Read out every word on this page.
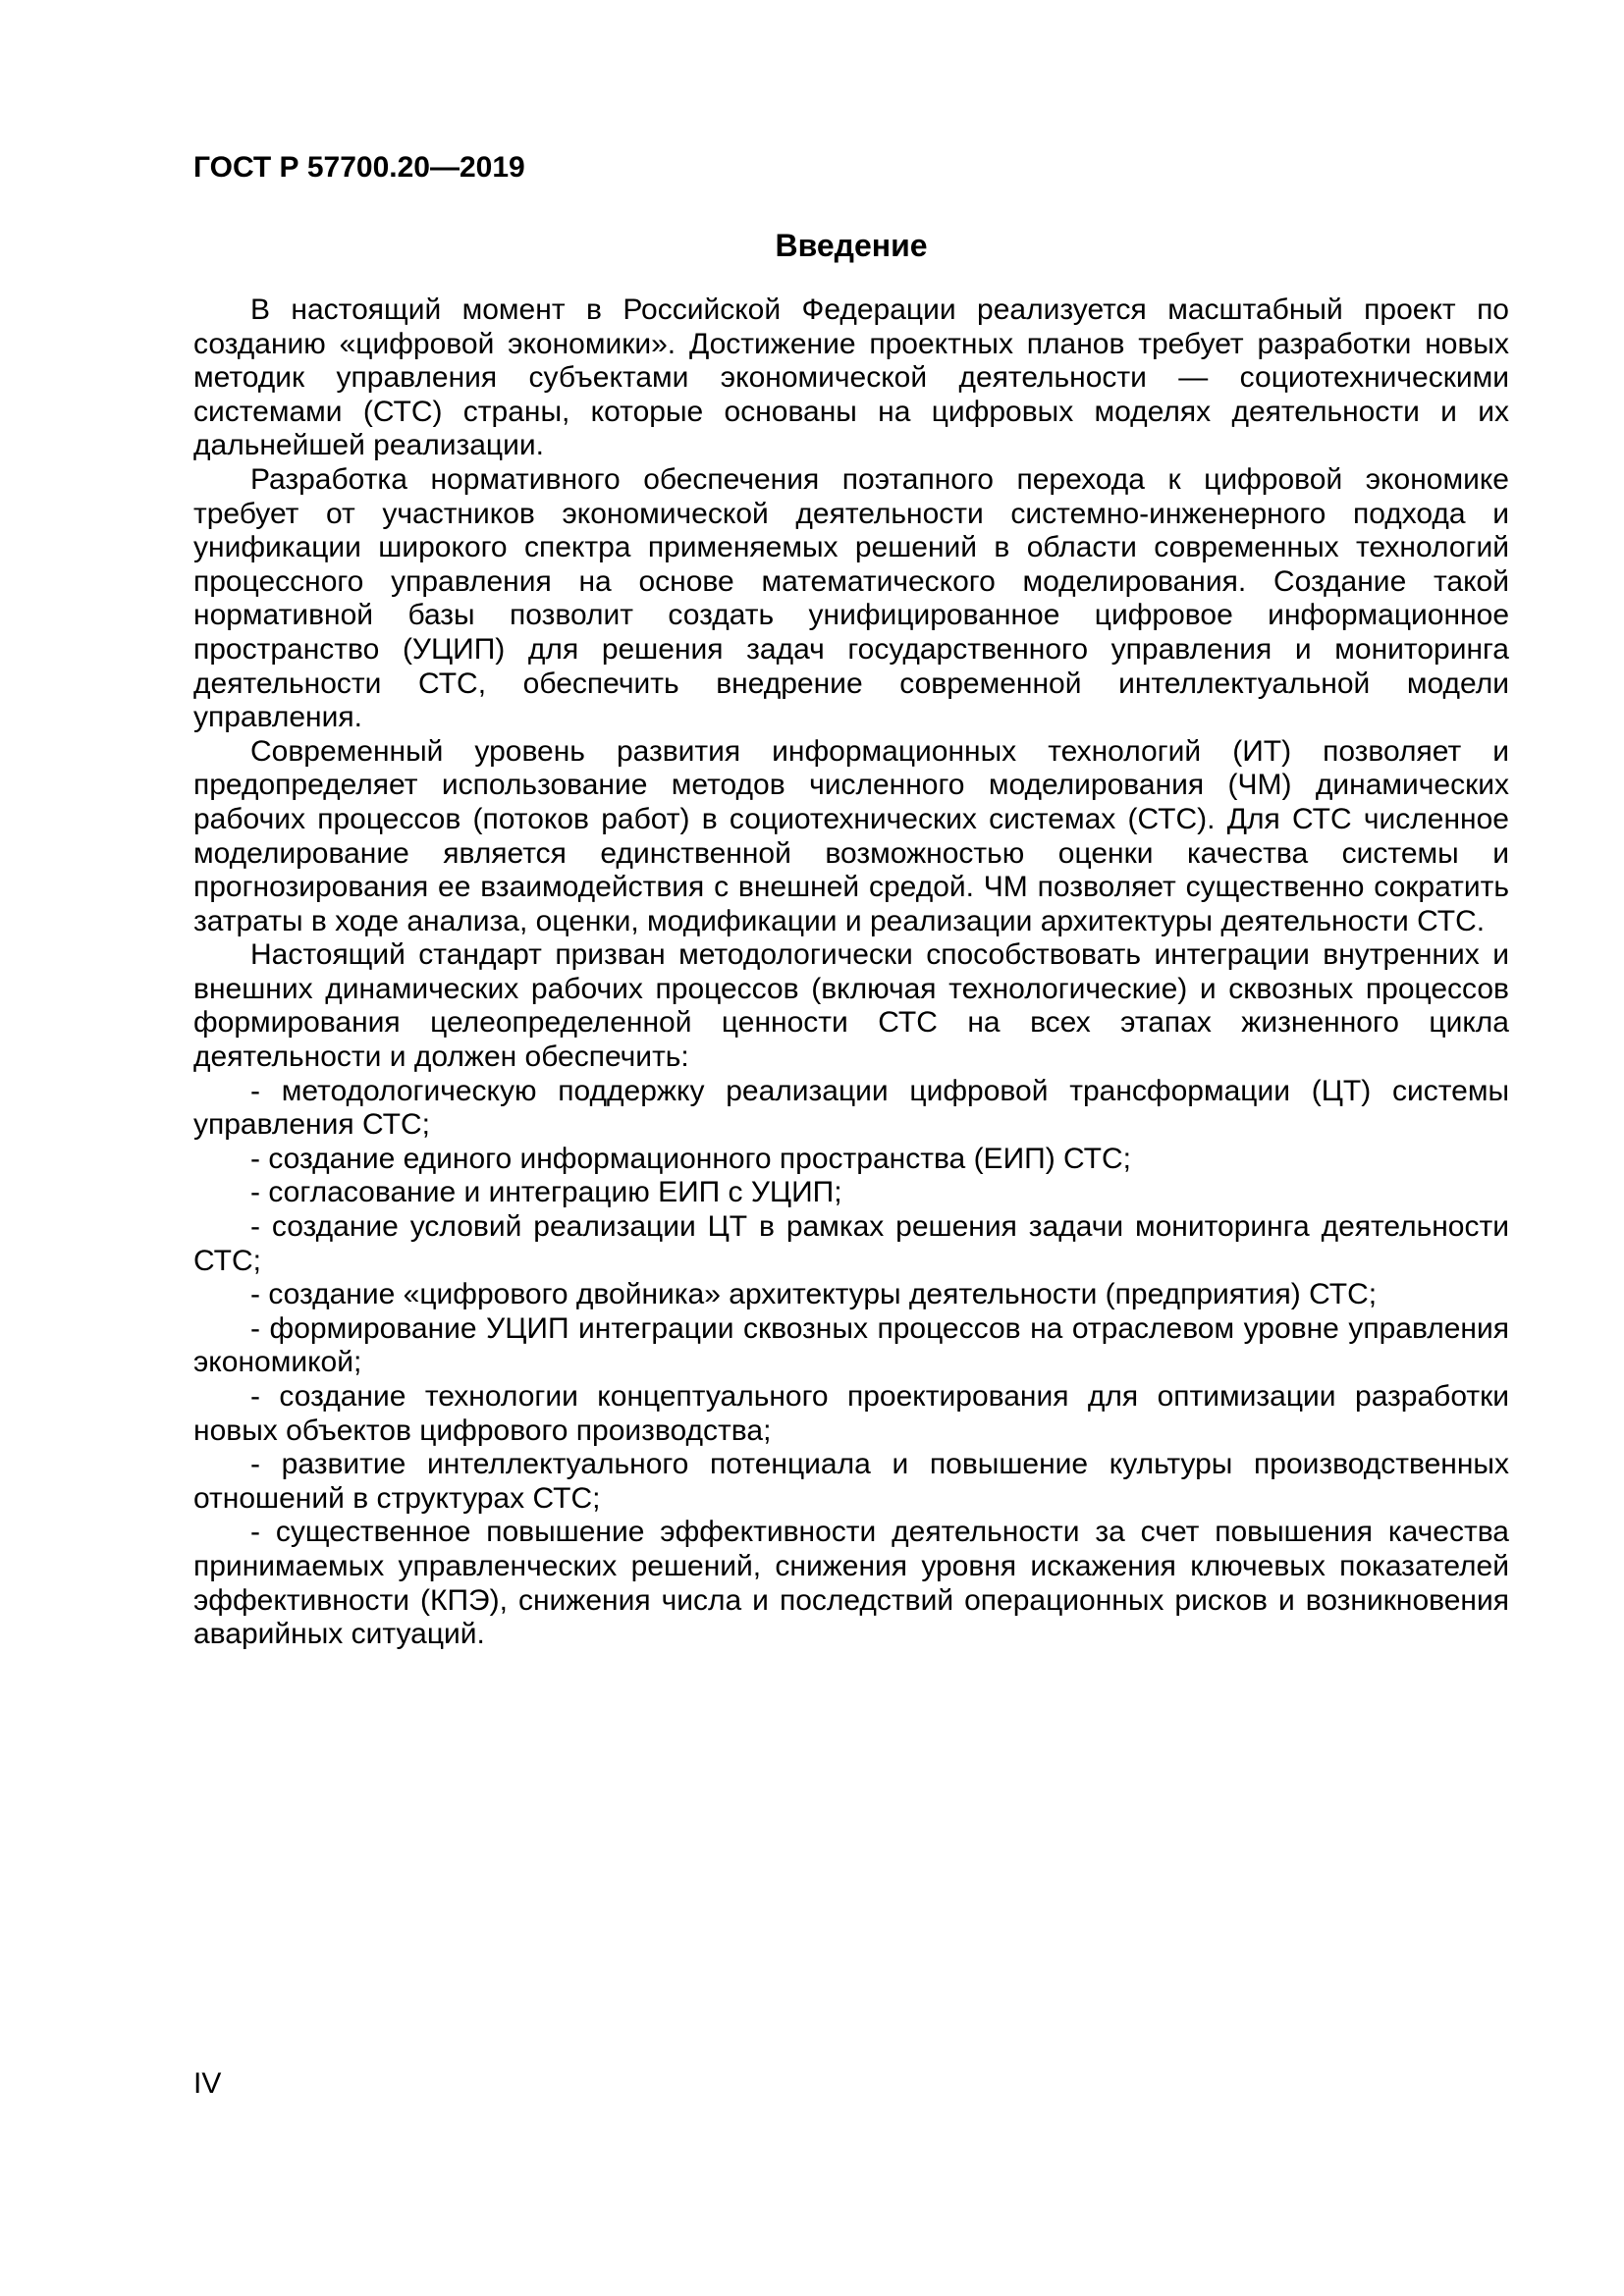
ГОСТ Р 57700.20—2019
Введение

В настоящий момент в Российской Федерации реализуется масштабный проект по созданию «цифровой экономики». Достижение проектных планов требует разработки новых методик управления субъектами экономической деятельности — социотехническими системами (СТС) страны, которые основаны на цифровых моделях деятельности и их дальнейшей реализации.

Разработка нормативного обеспечения поэтапного перехода к цифровой экономике требует от участников экономической деятельности системно-инженерного подхода и унификации широкого спектра применяемых решений в области современных технологий процессного управления на основе математического моделирования. Создание такой нормативной базы позволит создать унифицированное цифровое информационное пространство (УЦИП) для решения задач государственного управления и мониторинга деятельности СТС, обеспечить внедрение современной интеллектуальной модели управления.

Современный уровень развития информационных технологий (ИТ) позволяет и предопределяет использование методов численного моделирования (ЧМ) динамических рабочих процессов (потоков работ) в социотехнических системах (СТС). Для СТС численное моделирование является единственной возможностью оценки качества системы и прогнозирования ее взаимодействия с внешней средой. ЧМ позволяет существенно сократить затраты в ходе анализа, оценки, модификации и реализации архитектуры деятельности СТС.

Настоящий стандарт призван методологически способствовать интеграции внутренних и внешних динамических рабочих процессов (включая технологические) и сквозных процессов формирования целеопределенной ценности СТС на всех этапах жизненного цикла деятельности и должен обеспечить:

- методологическую поддержку реализации цифровой трансформации (ЦТ) системы управления СТС;

- создание единого информационного пространства (ЕИП) СТС;

- согласование и интеграцию ЕИП с УЦИП;

- создание условий реализации ЦТ в рамках решения задачи мониторинга деятельности СТС;

- создание «цифрового двойника» архитектуры деятельности (предприятия) СТС;

- формирование УЦИП интеграции сквозных процессов на отраслевом уровне управления экономикой;

- создание технологии концептуального проектирования для оптимизации разработки новых объектов цифрового производства;

- развитие интеллектуального потенциала и повышение культуры производственных отношений в структурах СТС;

- существенное повышение эффективности деятельности за счет повышения качества принимаемых управленческих решений, снижения уровня искажения ключевых показателей эффективности (КПЭ), снижения числа и последствий операционных рисков и возникновения аварийных ситуаций.

IV
